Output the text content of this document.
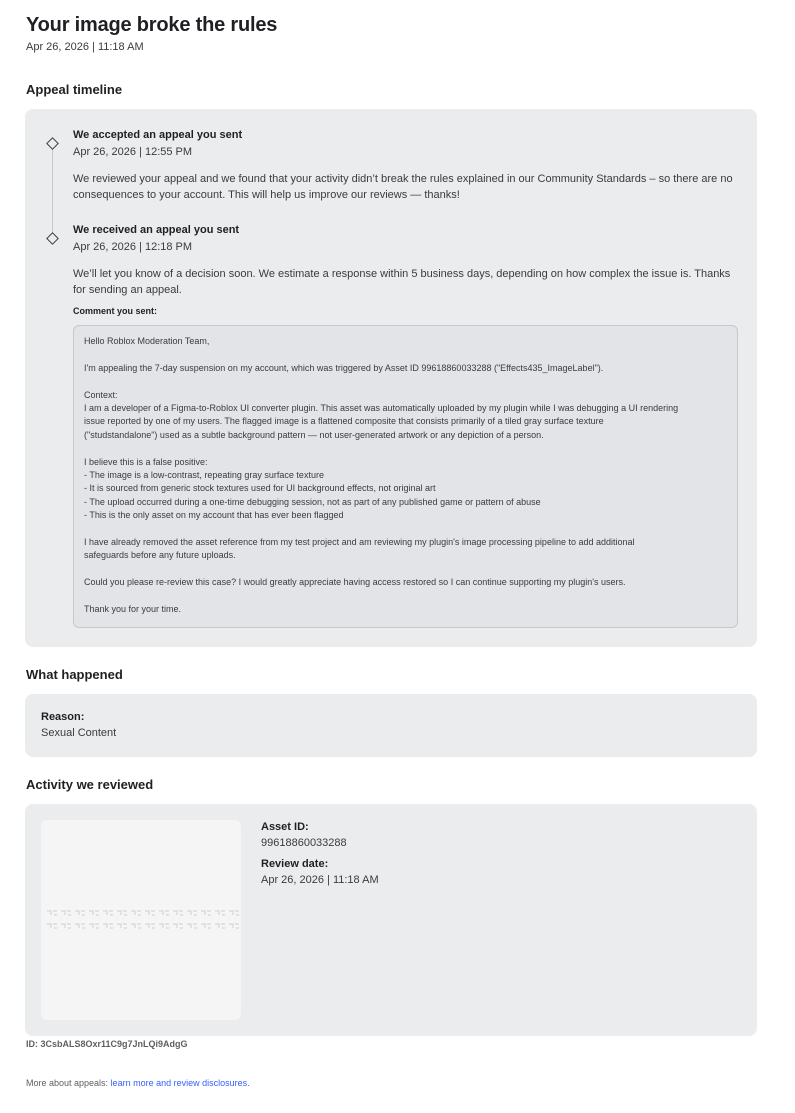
Your image broke the rules
Apr 26, 2026 | 11:18 AM
Appeal timeline
We accepted an appeal you sent
Apr 26, 2026 | 12:55 PM
We reviewed your appeal and we found that your activity didn’t break the rules explained in our Community Standards – so there are no consequences to your account. This will help us improve our reviews — thanks!
We received an appeal you sent
Apr 26, 2026 | 12:18 PM
We’ll let you know of a decision soon. We estimate a response within 5 business days, depending on how complex the issue is. Thanks for sending an appeal.
Comment you sent:
Hello Roblox Moderation Team,
I'm appealing the 7-day suspension on my account, which was triggered by Asset ID 99618860033288 ("Effects435_ImageLabel").
Context:
I am a developer of a Figma-to-Roblox UI converter plugin. This asset was automatically uploaded by my plugin while I was debugging a UI rendering
issue reported by one of my users. The flagged image is a flattened composite that consists primarily of a tiled gray surface texture
("studstandalone") used as a subtle background pattern — not user-generated artwork or any depiction of a person.
I believe this is a false positive:
- The image is a low-contrast, repeating gray surface texture
- It is sourced from generic stock textures used for UI background effects, not original art
- The upload occurred during a one-time debugging session, not as part of any published game or pattern of abuse
- This is the only asset on my account that has ever been flagged
I have already removed the asset reference from my test project and am reviewing my plugin's image processing pipeline to add additional
safeguards before any future uploads.
Could you please re-review this case? I would greatly appreciate having access restored so I can continue supporting my plugin's users.
Thank you for your time.
What happened
Reason:
Sexual Content
Activity we reviewed
Asset ID:
99618860033288
Review date:
Apr 26, 2026 | 11:18 AM
ID: 3CsbALS8Oxr11C9g7JnLQi9AdgG
More about appeals: learn more and review disclosures.
